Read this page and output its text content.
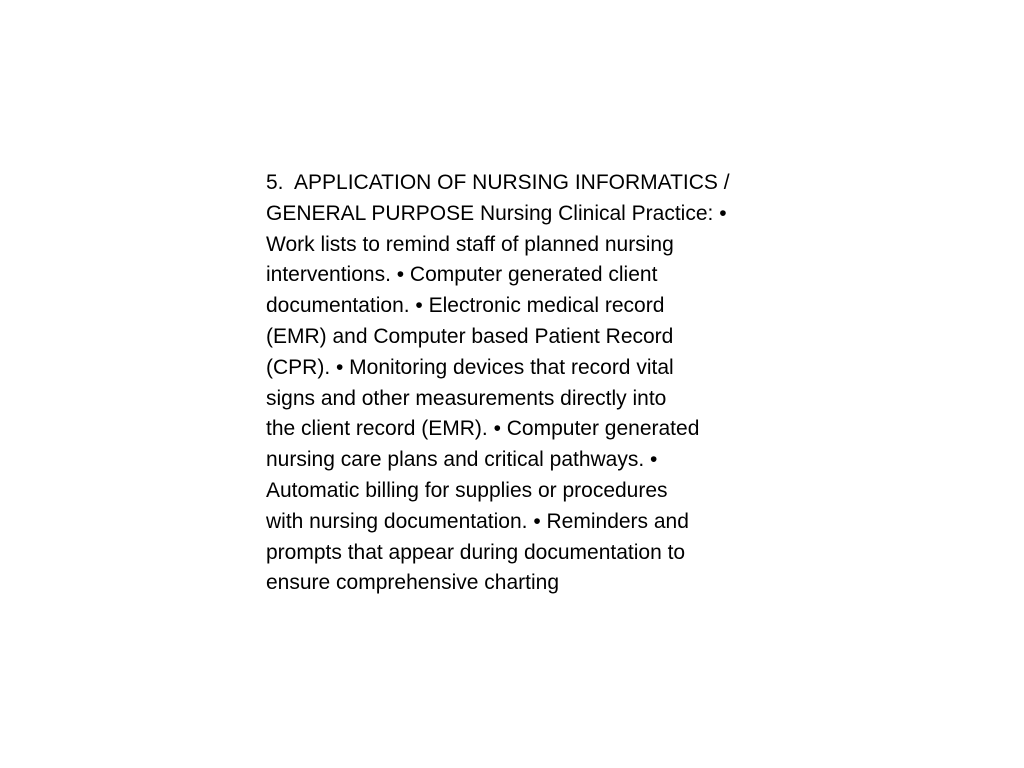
5.  APPLICATION OF NURSING INFORMATICS /
GENERAL PURPOSE Nursing Clinical Practice: •
Work lists to remind staff of planned nursing
interventions. • Computer generated client
documentation. • Electronic medical record
(EMR) and Computer based Patient Record
(CPR). • Monitoring devices that record vital
signs and other measurements directly into
the client record (EMR). • Computer generated
nursing care plans and critical pathways. •
Automatic billing for supplies or procedures
with nursing documentation. • Reminders and
prompts that appear during documentation to
ensure comprehensive charting
